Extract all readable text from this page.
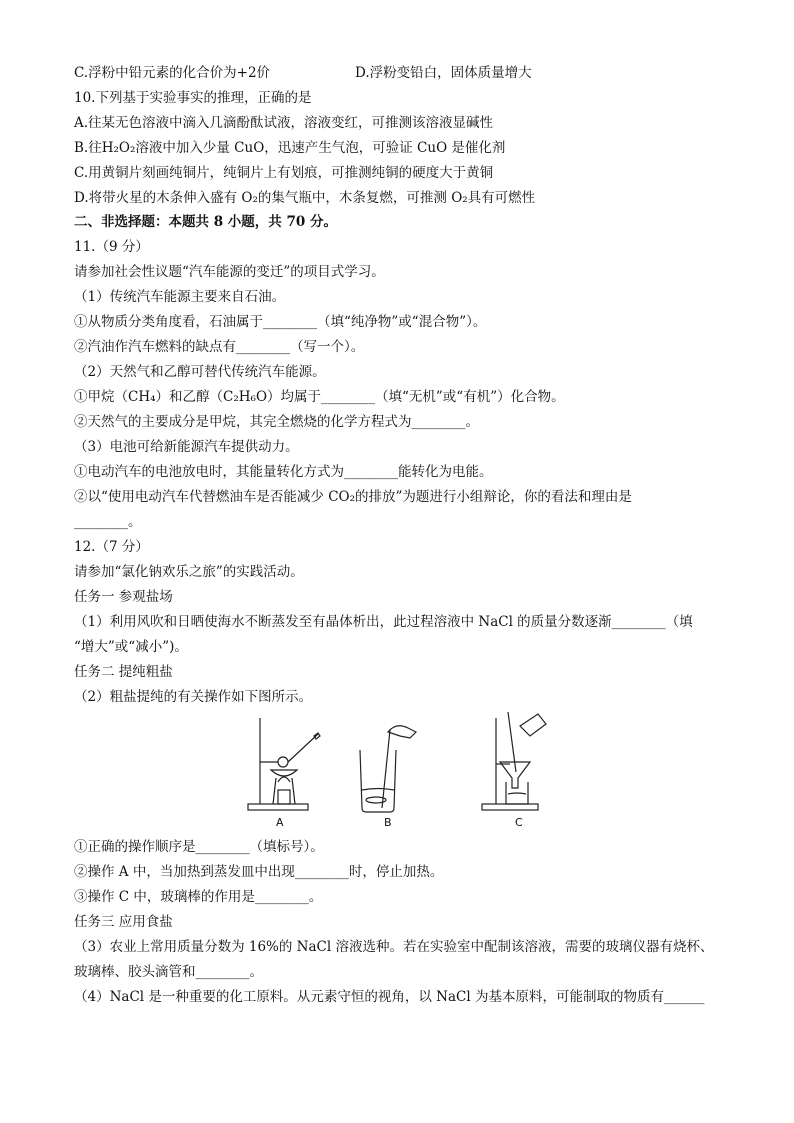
C.浮粉中铅元素的化合价为+2价	D.浮粉变铅白，固体质量增大
10.下列基于实验事实的推理，正确的是
A.往某无色溶液中滴入几滴酚酞试液，溶液变红，可推测该溶液显碱性
B.往H₂O₂溶液中加入少量 CuO，迅速产生气泡，可验证 CuO 是催化剂
C.用黄铜片刻画纯铜片，纯铜片上有划痕，可推测纯铜的硬度大于黄铜
D.将带火星的木条伸入盛有 O₂的集气瓶中，木条复燃，可推测 O₂具有可燃性
二、非选择题：本题共 8 小题，共 70 分。
11.（9 分）
请参加社会性议题“汽车能源的变迁”的项目式学习。
（1）传统汽车能源主要来自石油。
①从物质分类角度看，石油属于________（填“纯净物”或“混合物”）。
②汽油作汽车燃料的缺点有________（写一个）。
（2）天然气和乙醇可替代传统汽车能源。
①甲烷（CH₄）和乙醇（C₂H₆O）均属于________（填“无机”或“有机”）化合物。
②天然气的主要成分是甲烷，其完全燃烧的化学方程式为________。
（3）电池可给新能源汽车提供动力。
①电动汽车的电池放电时，其能量转化方式为________能转化为电能。
②以“使用电动汽车代替燃油车是否能减少 CO₂的排放”为题进行小组辩论，你的看法和理由是
________。
12.（7 分）
请参加“氯化钠欢乐之旅”的实践活动。
任务一 参观盐场
（1）利用风吹和日晒使海水不断蒸发至有晶体析出，此过程溶液中 NaCl 的质量分数逐渐________（填
“增大”或“减小”)。
任务二 提纯粗盐
（2）粗盐提纯的有关操作如下图所示。
A	B	C
①正确的操作顺序是________（填标号）。
②操作 A 中，当加热到蒸发皿中出现________时，停止加热。
③操作 C 中，玻璃棒的作用是________。
任务三 应用食盐
（3）农业上常用质量分数为 16%的 NaCl 溶液选种。若在实验室中配制该溶液，需要的玻璃仪器有烧杯、
玻璃棒、胶头滴管和________。
（4）NaCl 是一种重要的化工原料。从元素守恒的视角，以 NaCl 为基本原料，可能制取的物质有______
